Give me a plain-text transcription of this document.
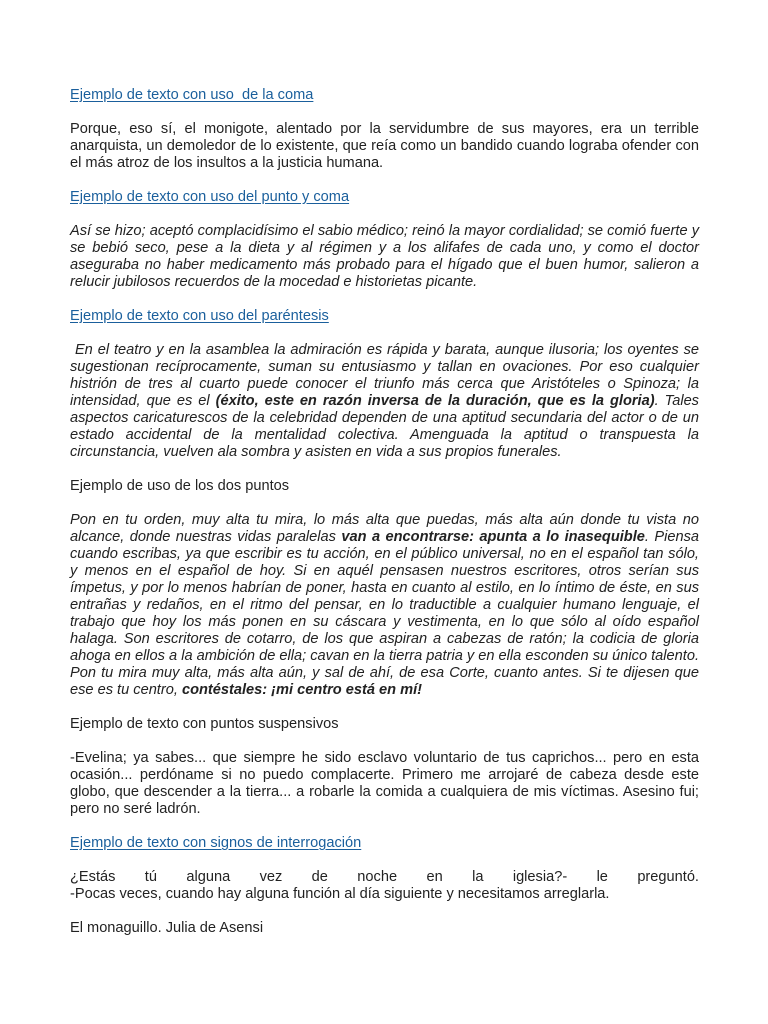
Ejemplo de texto con uso  de la coma

Porque, eso sí, el monigote, alentado por la servidumbre de sus mayores, era un terrible anarquista, un demoledor de lo existente, que reía como un bandido cuando lograba ofender con el más atroz de los insultos a la justicia humana.

Ejemplo de texto con uso del punto y coma

Así se hizo; aceptó complacidísimo el sabio médico; reinó la mayor cordialidad; se comió fuerte y se bebió seco, pese a la dieta y al régimen y a los alifafes de cada uno, y como el doctor aseguraba no haber medicamento más probado para el hígado que el buen humor, salieron a relucir jubilosos recuerdos de la mocedad e historietas picante.

Ejemplo de texto con uso del paréntesis

En el teatro y en la asamblea la admiración es rápida y barata, aunque ilusoria; los oyentes se sugestionan recíprocamente, suman su entusiasmo y tallan en ovaciones. Por eso cualquier histrión de tres al cuarto puede conocer el triunfo más cerca que Aristóteles o Spinoza; la intensidad, que es el (éxito, este en razón inversa de la duración, que es la gloria). Tales aspectos caricaturescos de la celebridad dependen de una aptitud secundaria del actor o de un estado accidental de la mentalidad colectiva. Amenguada la aptitud o transpuesta la circunstancia, vuelven ala sombra y asisten en vida a sus propios funerales.

Ejemplo de uso de los dos puntos

Pon en tu orden, muy alta tu mira, lo más alta que puedas, más alta aún donde tu vista no alcance, donde nuestras vidas paralelas van a encontrarse: apunta a lo inasequible. Piensa cuando escribas, ya que escribir es tu acción, en el público universal, no en el español tan sólo, y menos en el español de hoy. Si en aquél pensasen nuestros escritores, otros serían sus ímpetus, y por lo menos habrían de poner, hasta en cuanto al estilo, en lo íntimo de éste, en sus entrañas y redaños, en el ritmo del pensar, en lo traductible a cualquier humano lenguaje, el trabajo que hoy los más ponen en su cáscara y vestimenta, en lo que sólo al oído español halaga. Son escritores de cotarro, de los que aspiran a cabezas de ratón; la codicia de gloria ahoga en ellos a la ambición de ella; cavan en la tierra patria y en ella esconden su único talento. Pon tu mira muy alta, más alta aún, y sal de ahí, de esa Corte, cuanto antes. Si te dijesen que ese es tu centro, contéstales: ¡mi centro está en mí!

Ejemplo de texto con puntos suspensivos

-Evelina; ya sabes... que siempre he sido esclavo voluntario de tus caprichos... pero en esta ocasión... perdóname si no puedo complacerte. Primero me arrojaré de cabeza desde este globo, que descender a la tierra... a robarle la comida a cualquiera de mis víctimas. Asesino fui; pero no seré ladrón.

Ejemplo de texto con signos de interrogación

¿Estás tú alguna vez de noche en la iglesia?- le preguntó.

-Pocas veces, cuando hay alguna función al día siguiente y necesitamos arreglarla.

El monaguillo. Julia de Asensi
